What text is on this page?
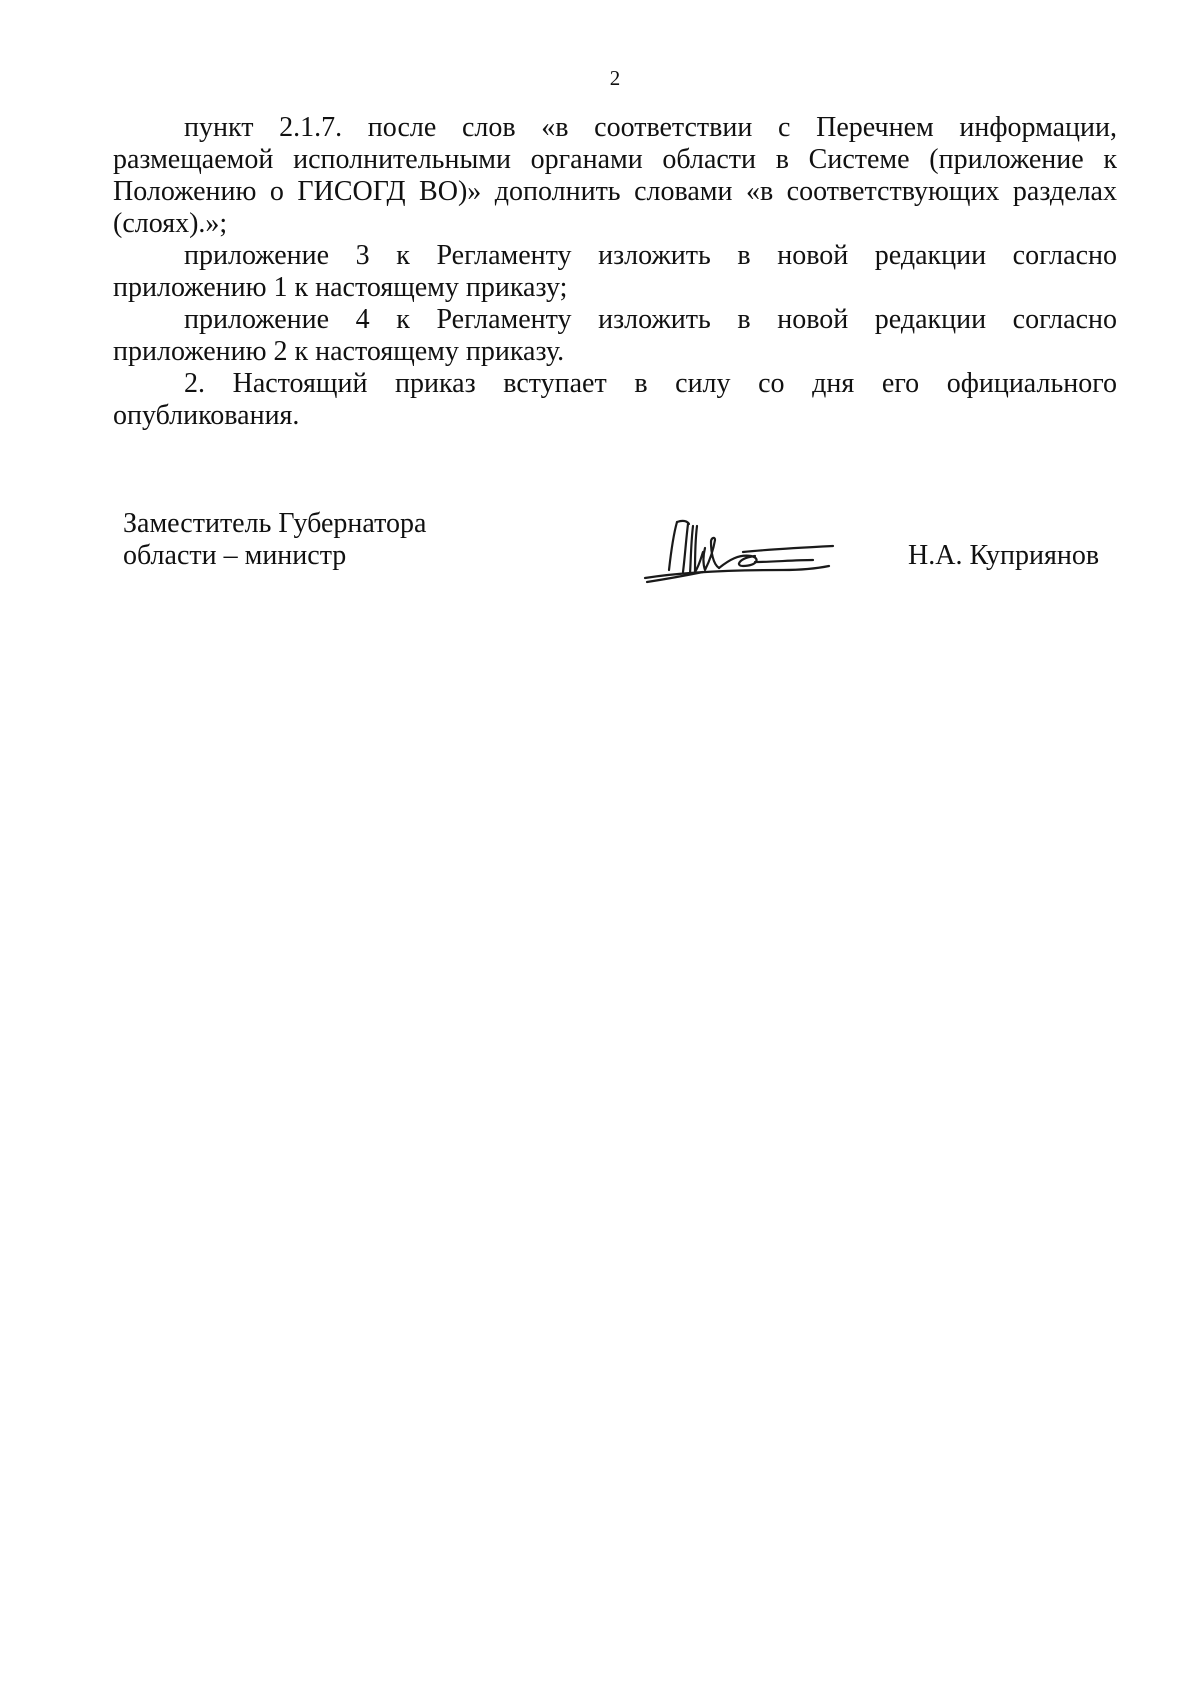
2

пункт 2.1.7. после слов «в соответствии с Перечнем информации, размещаемой исполнительными органами области в Системе (приложение к Положению о ГИСОГД ВО)» дополнить словами «в соответствующих разделах (слоях).»;

приложение 3 к Регламенту изложить в новой редакции согласно приложению 1 к настоящему приказу;

приложение 4 к Регламенту изложить в новой редакции согласно приложению 2 к настоящему приказу.

2. Настоящий приказ вступает в силу со дня его официального опубликования.

Заместитель Губернатора
области – министр	Н.А. Куприянов
